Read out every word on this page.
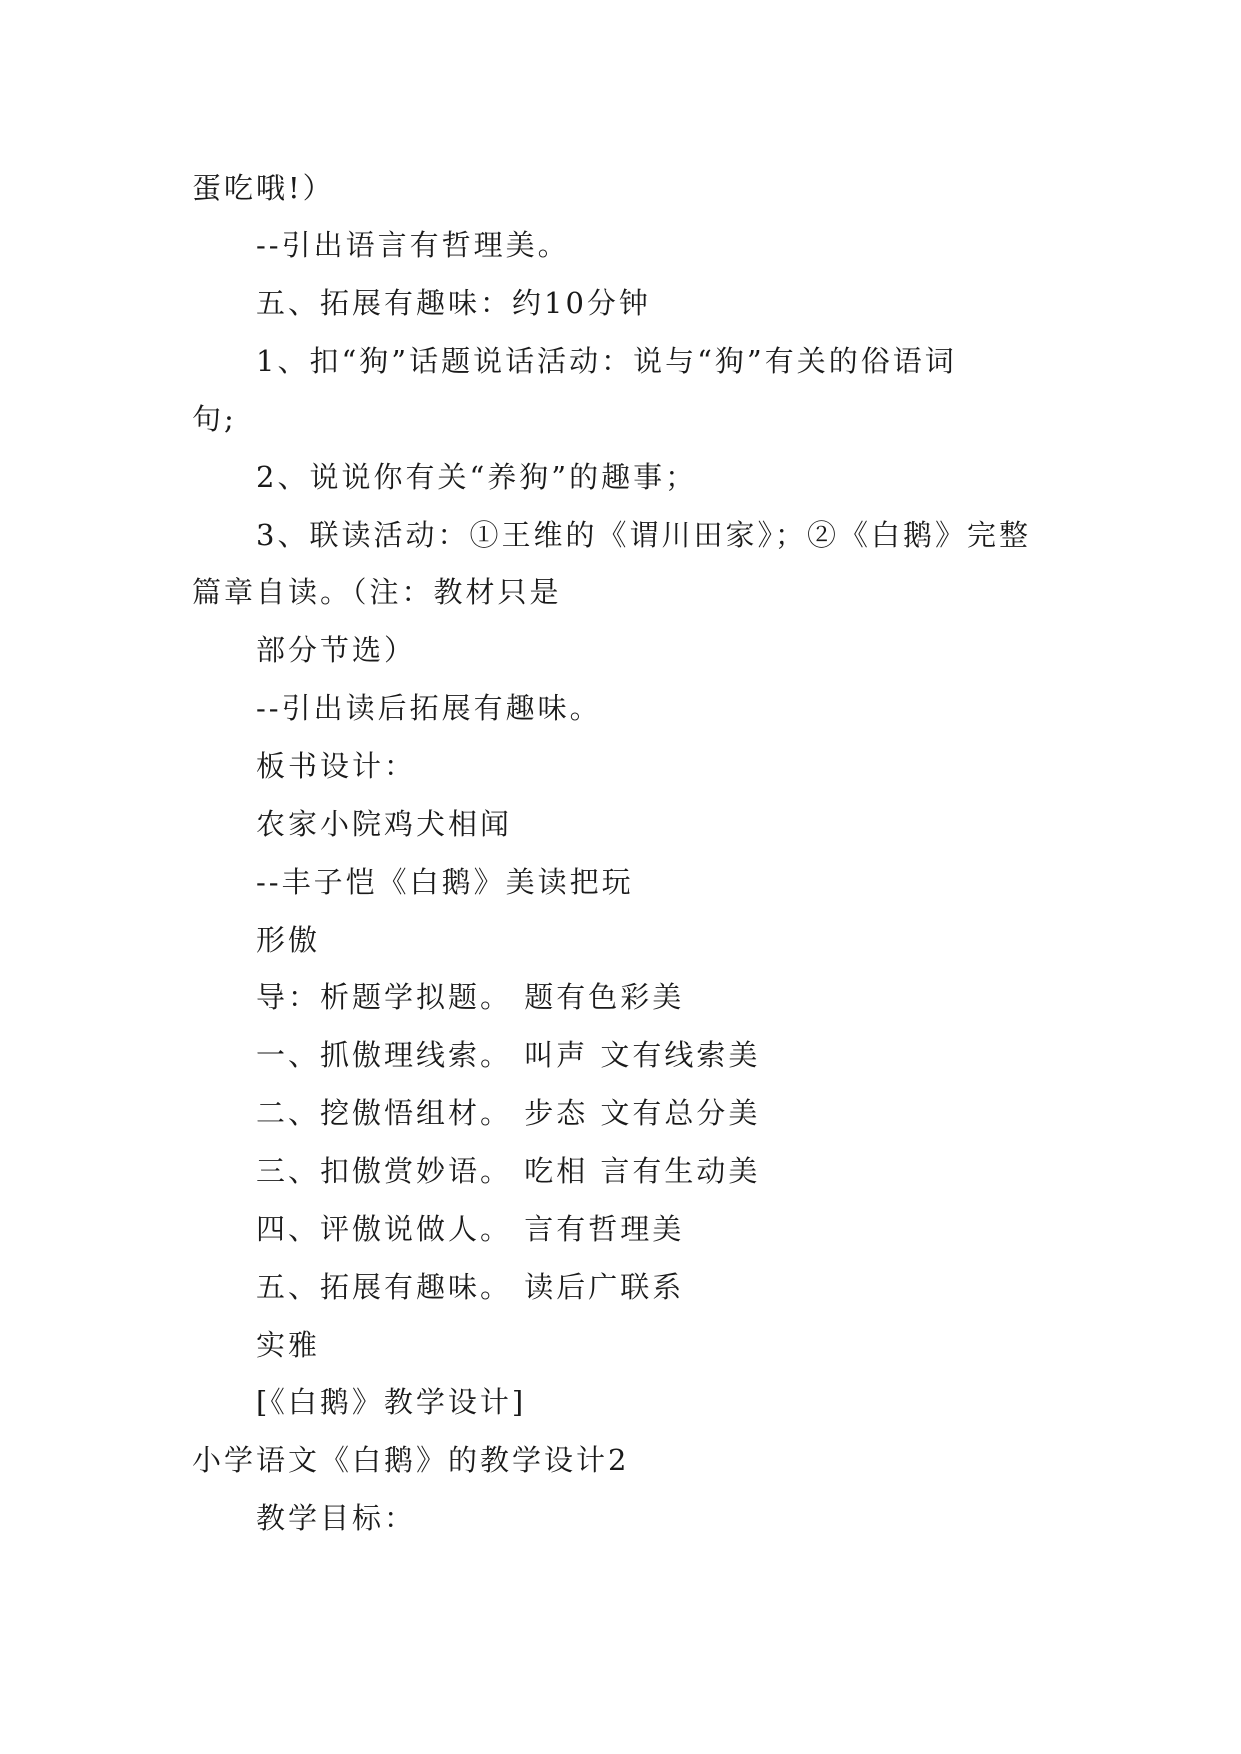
蛋吃哦!）
--引出语言有哲理美。
五、拓展有趣味：约10分钟
1、扣“狗”话题说话活动：说与“狗”有关的俗语词
句;
2、说说你有关“养狗”的趣事；
3、联读活动：①王维的《谓川田家》；②《白鹅》完整
篇章自读。（注：教材只是
部分节选）
--引出读后拓展有趣味。
板书设计：
农家小院鸡犬相闻
--丰子恺《白鹅》美读把玩
形傲
导：析题学拟题。 题有色彩美
一、抓傲理线索。 叫声 文有线索美
二、挖傲悟组材。 步态 文有总分美
三、扣傲赏妙语。 吃相 言有生动美
四、评傲说做人。 言有哲理美
五、拓展有趣味。 读后广联系
实雅
[《白鹅》教学设计]
小学语文《白鹅》的教学设计2
教学目标：
